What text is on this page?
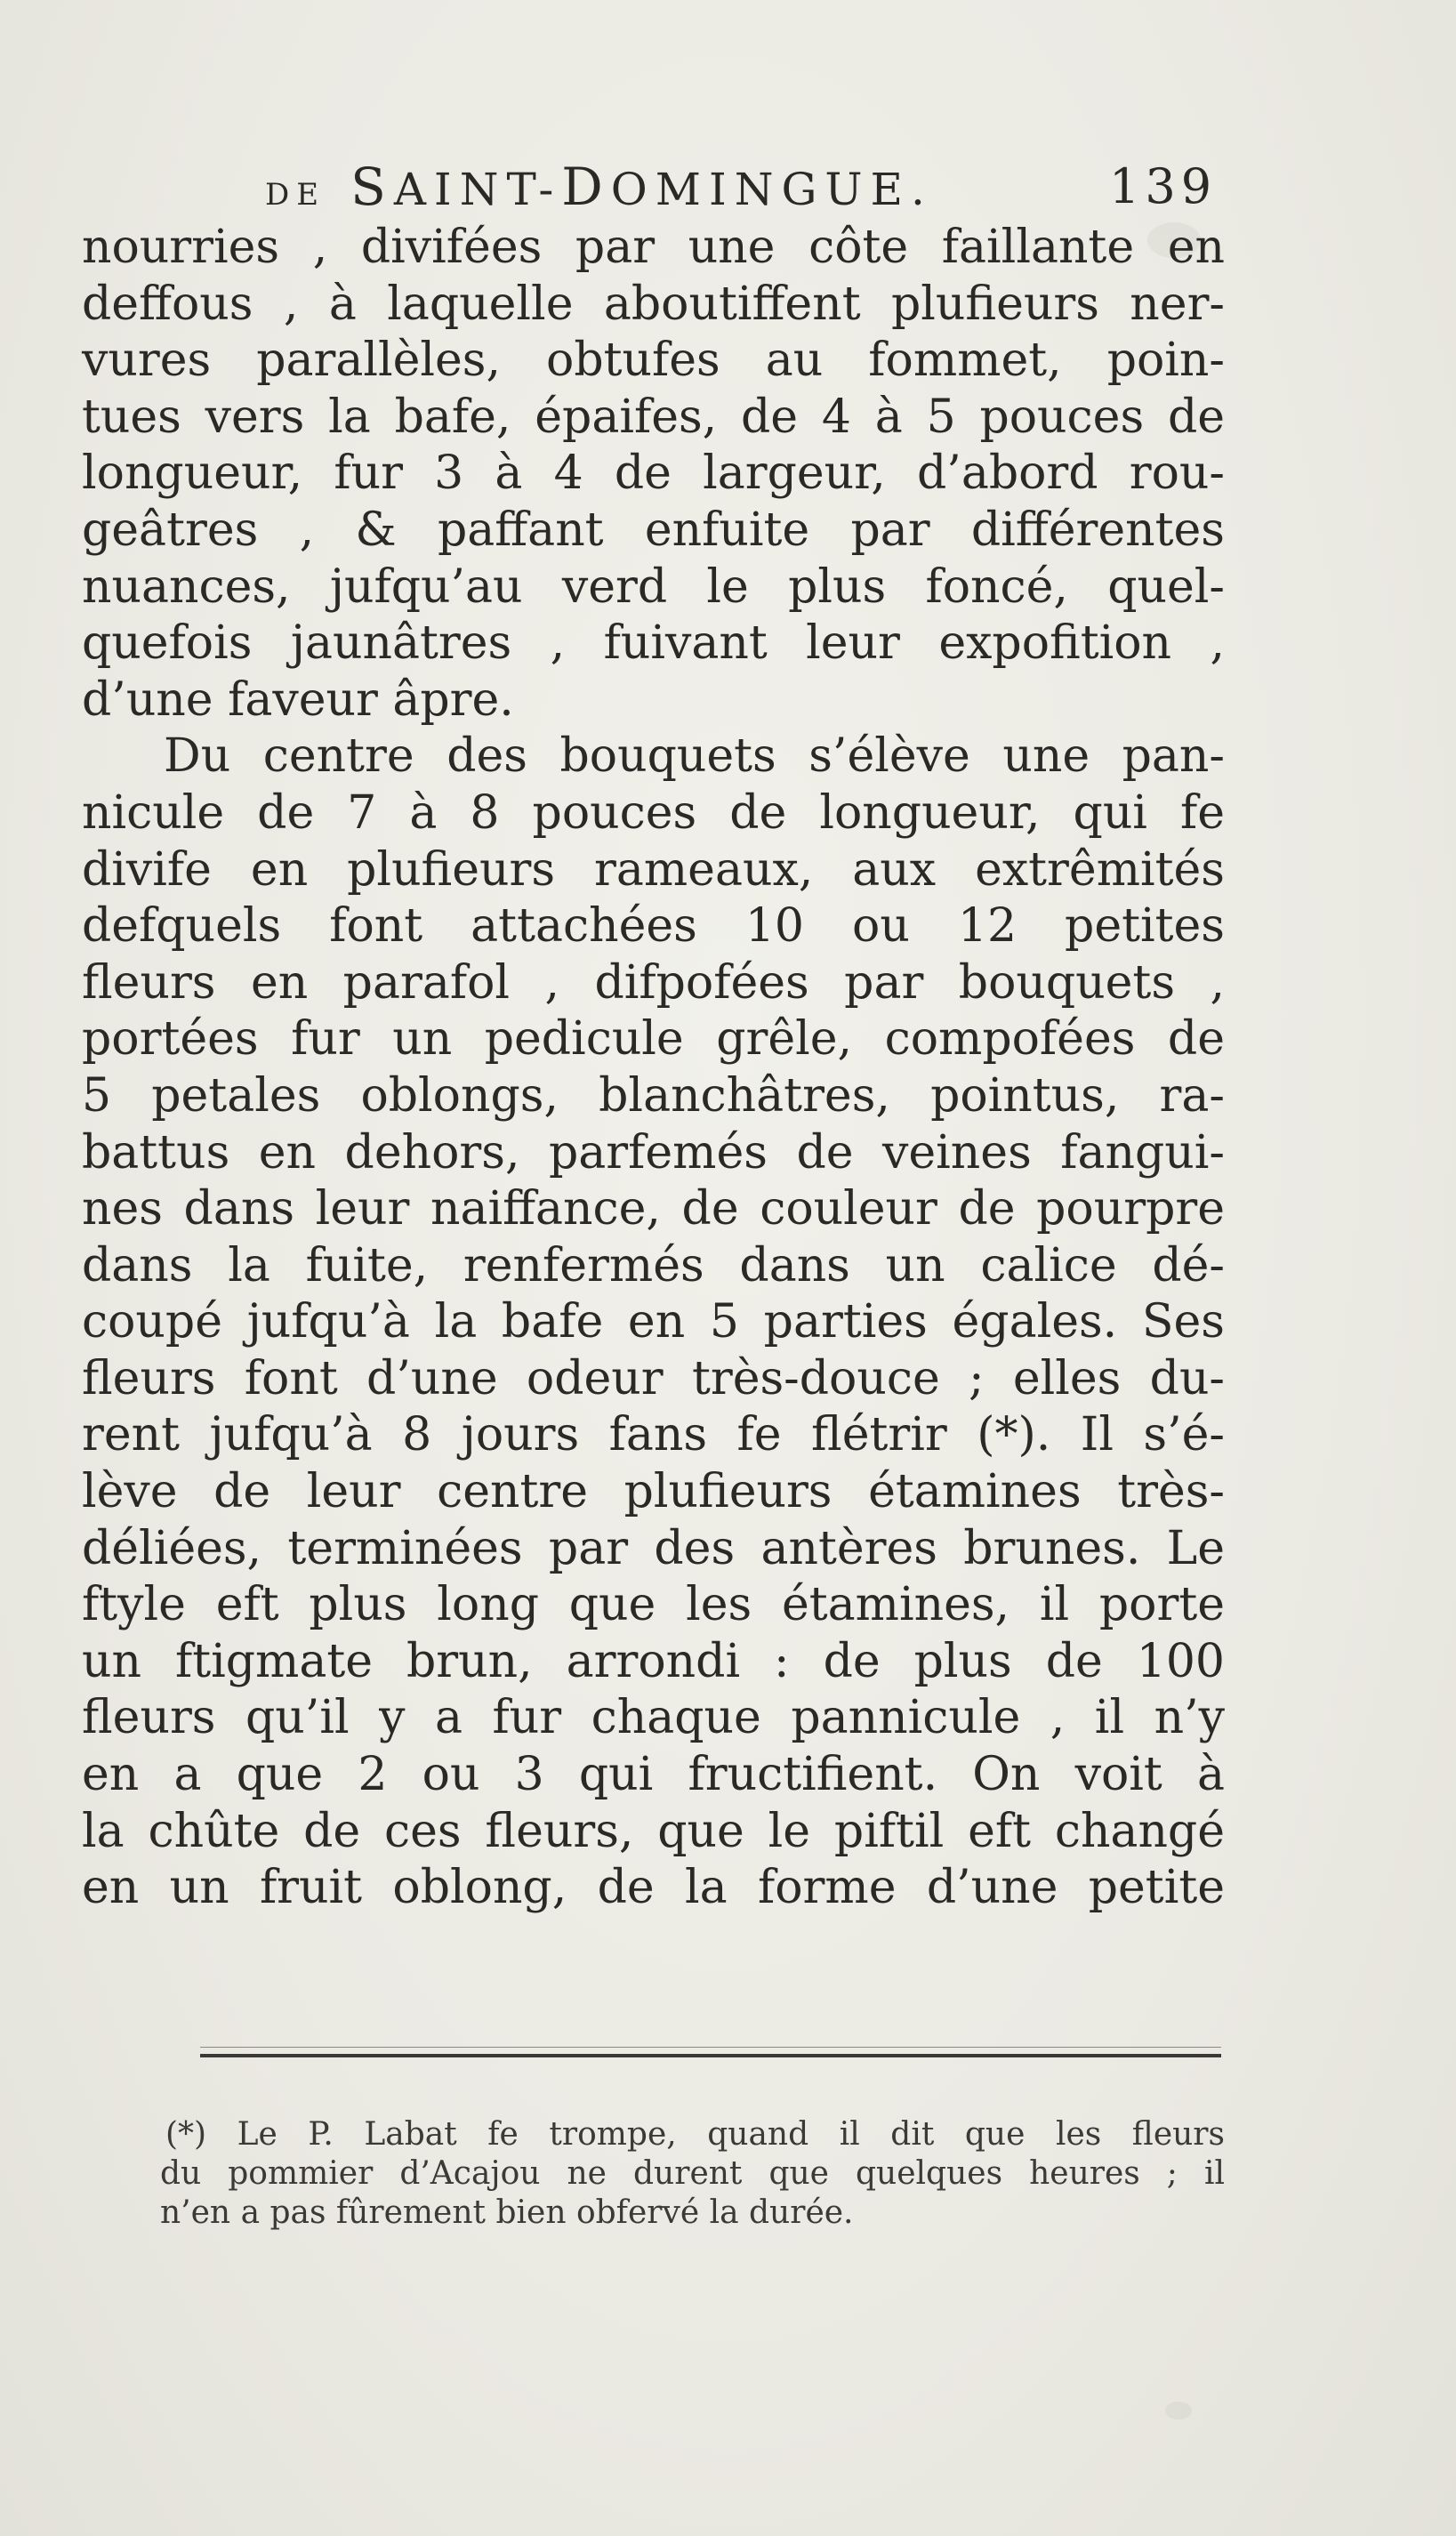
DE SAINT-DOMINGUE.	139
nourries , divifées par une côte faillante en
deffous , à laquelle aboutiffent plufieurs ner-
vures parallèles, obtufes au fommet, poin-
tues vers la bafe, épaifes, de 4 à 5 pouces de
longueur, fur 3 à 4 de largeur, d’abord rou-
geâtres , & paffant enfuite par différentes
nuances, jufqu’au verd le plus foncé, quel-
quefois jaunâtres , fuivant leur expofition ,
d’une faveur âpre.
Du centre des bouquets s’élève une pan-
nicule de 7 à 8 pouces de longueur, qui fe
divife en plufieurs rameaux, aux extrêmités
defquels font attachées 10 ou 12 petites
fleurs en parafol , difpofées par bouquets ,
portées fur un pedicule grêle, compofées de
5 petales oblongs, blanchâtres, pointus, ra-
battus en dehors, parfemés de veines fangui-
nes dans leur naiffance, de couleur de pourpre
dans la fuite, renfermés dans un calice dé-
coupé jufqu’à la bafe en 5 parties égales. Ses
fleurs font d’une odeur très-douce ; elles du-
rent jufqu’à 8 jours fans fe flétrir (*). Il s’é-
lève de leur centre plufieurs étamines très-
déliées, terminées par des antères brunes. Le
ftyle eft plus long que les étamines, il porte
un ftigmate brun, arrondi : de plus de 100
fleurs qu’il y a fur chaque pannicule , il n’y
en a que 2 ou 3 qui fructifient. On voit à
la chûte de ces fleurs, que le piftil eft changé
en un fruit oblong, de la forme d’une petite
(*) Le P. Labat fe trompe, quand il dit que les fleurs
du pommier d’Acajou ne durent que quelques heures ; il
n’en a pas fûrement bien obfervé la durée.
